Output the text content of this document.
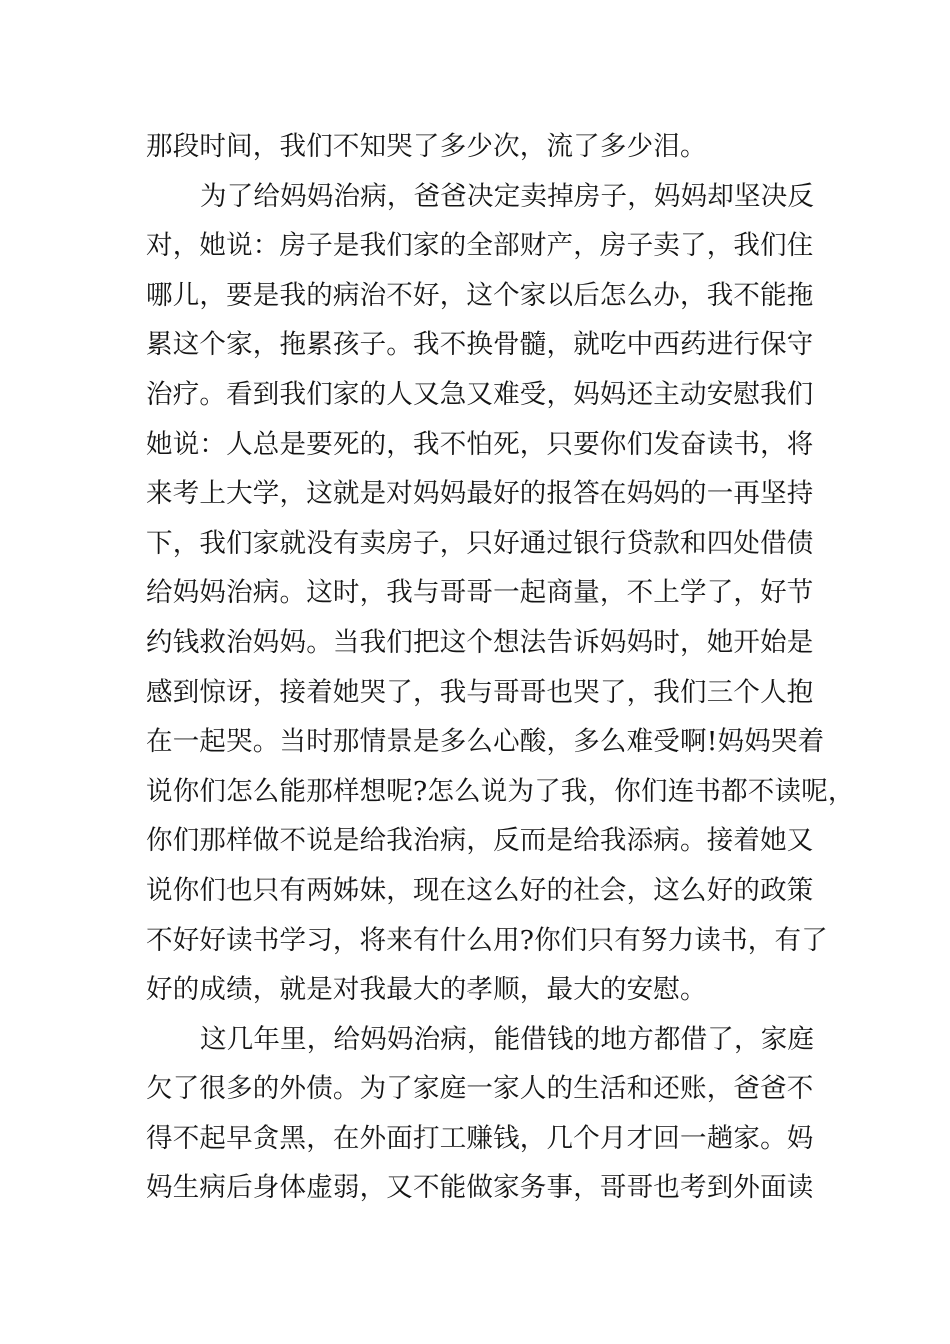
那段时间，我们不知哭了多少次，流了多少泪。
为了给妈妈治病，爸爸决定卖掉房子，妈妈却坚决反
对，她说：房子是我们家的全部财产，房子卖了，我们住
哪儿，要是我的病治不好，这个家以后怎么办，我不能拖
累这个家，拖累孩子。我不换骨髓，就吃中西药进行保守
治疗。看到我们家的人又急又难受，妈妈还主动安慰我们
她说：人总是要死的，我不怕死，只要你们发奋读书，将
来考上大学，这就是对妈妈最好的报答在妈妈的一再坚持
下，我们家就没有卖房子，只好通过银行贷款和四处借债
给妈妈治病。这时，我与哥哥一起商量，不上学了，好节
约钱救治妈妈。当我们把这个想法告诉妈妈时，她开始是
感到惊讶，接着她哭了，我与哥哥也哭了，我们三个人抱
在一起哭。当时那情景是多么心酸，多么难受啊!妈妈哭着
说你们怎么能那样想呢?怎么说为了我，你们连书都不读呢，
你们那样做不说是给我治病，反而是给我添病。接着她又
说你们也只有两姊妹，现在这么好的社会，这么好的政策
不好好读书学习，将来有什么用?你们只有努力读书，有了
好的成绩，就是对我最大的孝顺，最大的安慰。
这几年里，给妈妈治病，能借钱的地方都借了，家庭
欠了很多的外债。为了家庭一家人的生活和还账，爸爸不
得不起早贪黑，在外面打工赚钱，几个月才回一趟家。妈
妈生病后身体虚弱，又不能做家务事，哥哥也考到外面读
